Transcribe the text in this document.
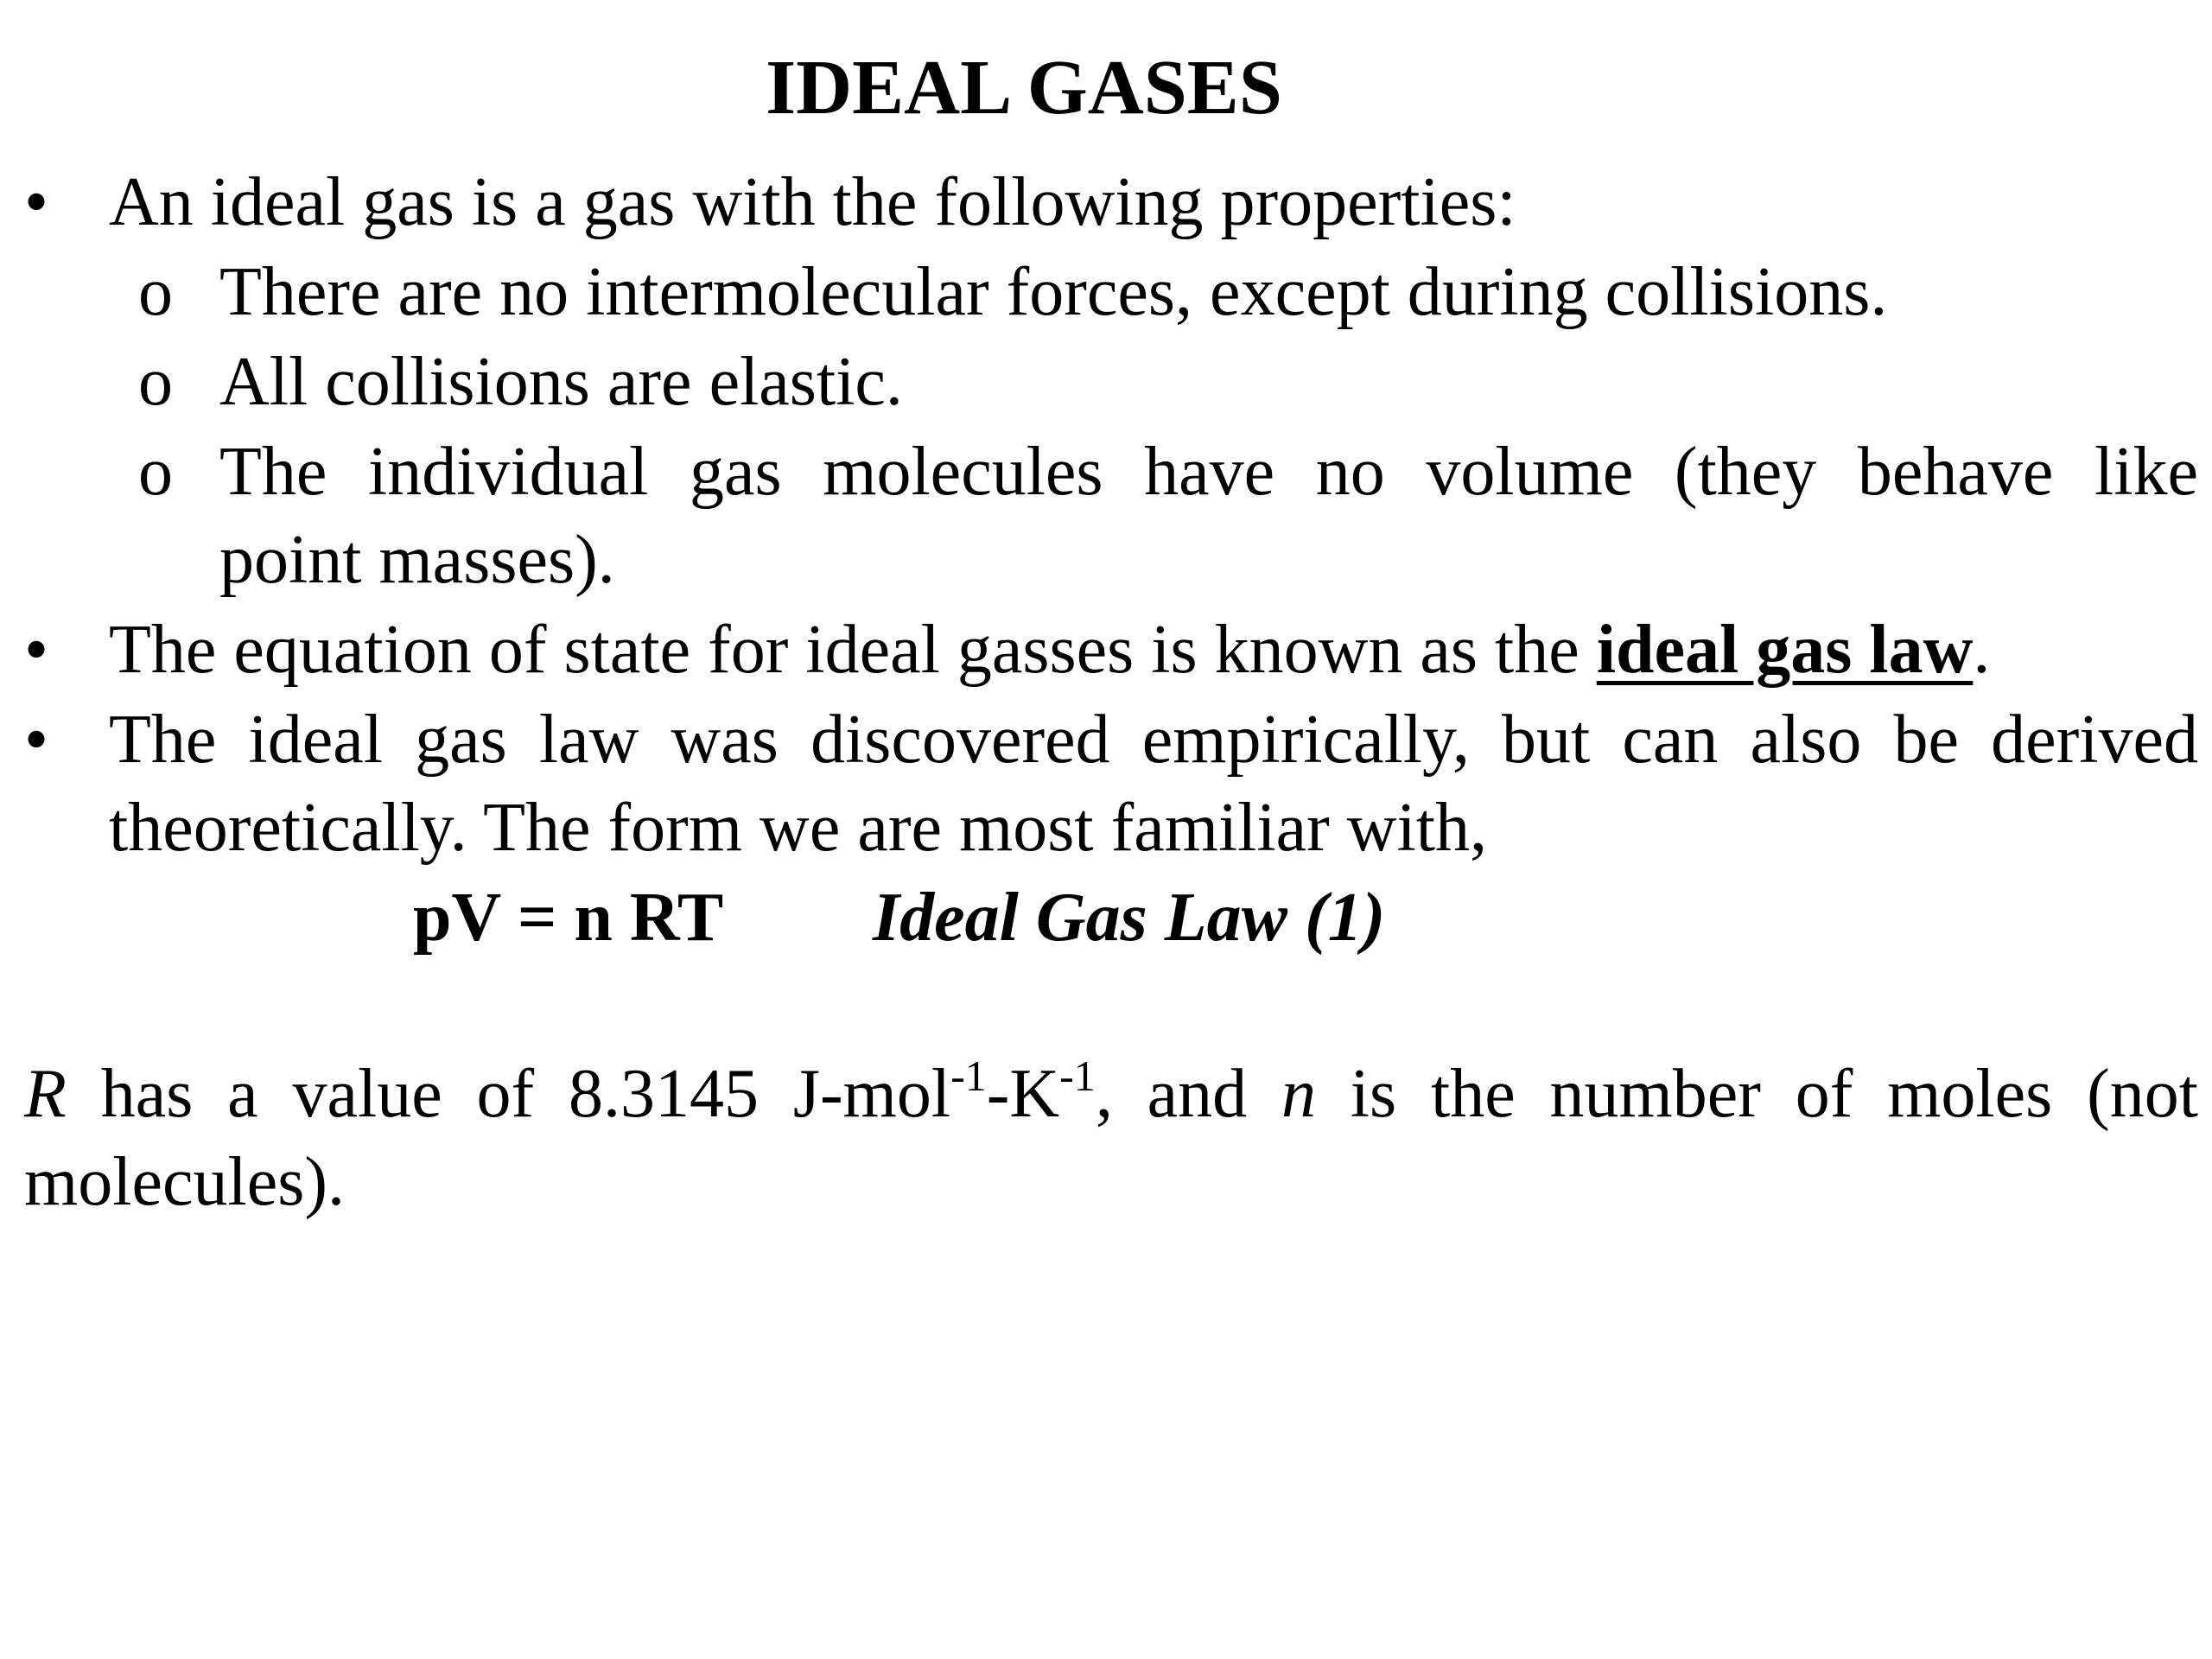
IDEAL GASES
• An ideal gas is a gas with the following properties:

o There are no intermolecular forces, except during collisions.

o All collisions are elastic.

o The individual gas molecules have no volume (they behave like

point masses).

• The equation of state for ideal gasses is known as the ideal gas law.

• The ideal gas law was discovered empirically, but can also be derived

theoretically. The form we are most familiar with,

pV = n RT Ideal Gas Law (1)

R has a value of 8.3145 $J-mol^{-1}-K^{-1}$, and n is the number of moles (not

molecules).
